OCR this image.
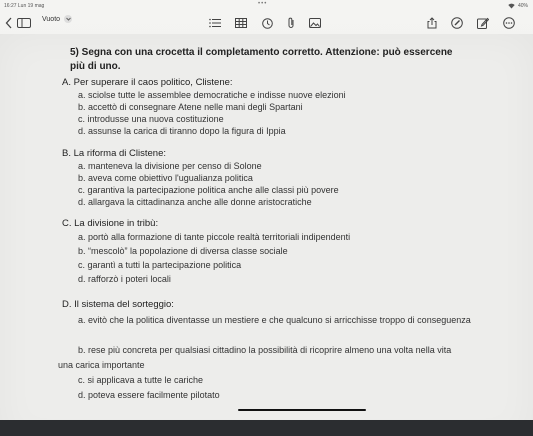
16:27 Lun 19 mag	•••	40%
Vuoto
5) Segna con una crocetta il completamento corretto. Attenzione: può essercene più di uno.
A. Per superare il caos politico, Clistene:
a. sciolse tutte le assemblee democratiche e indisse nuove elezioni
b. accettò di consegnare Atene nelle mani degli Spartani
c. introdusse una nuova costituzione
d. assunse la carica di tiranno dopo la figura di Ippia
B. La riforma di Clistene:
a. manteneva la divisione per censo di Solone
b. aveva come obiettivo l'ugualianza politica
c. garantiva la partecipazione politica anche alle classi più povere
d. allargava la cittadinanza anche alle donne aristocratiche
C. La divisione in tribù:
a. portò alla formazione di tante piccole realtà territoriali indipendenti
b. “mescolò” la popolazione di diversa classe sociale
c. garantì a tutti la partecipazione politica
d. rafforzò i poteri locali
D. Il sistema del sorteggio:
a. evitò che la politica diventasse un mestiere e che qualcuno si arricchisse troppo di conseguenza
b. rese più concreta per qualsiasi cittadino la possibilità di ricoprire almeno una volta nella vita una carica importante
c. si applicava a tutte le cariche
d. poteva essere facilmente pilotato
